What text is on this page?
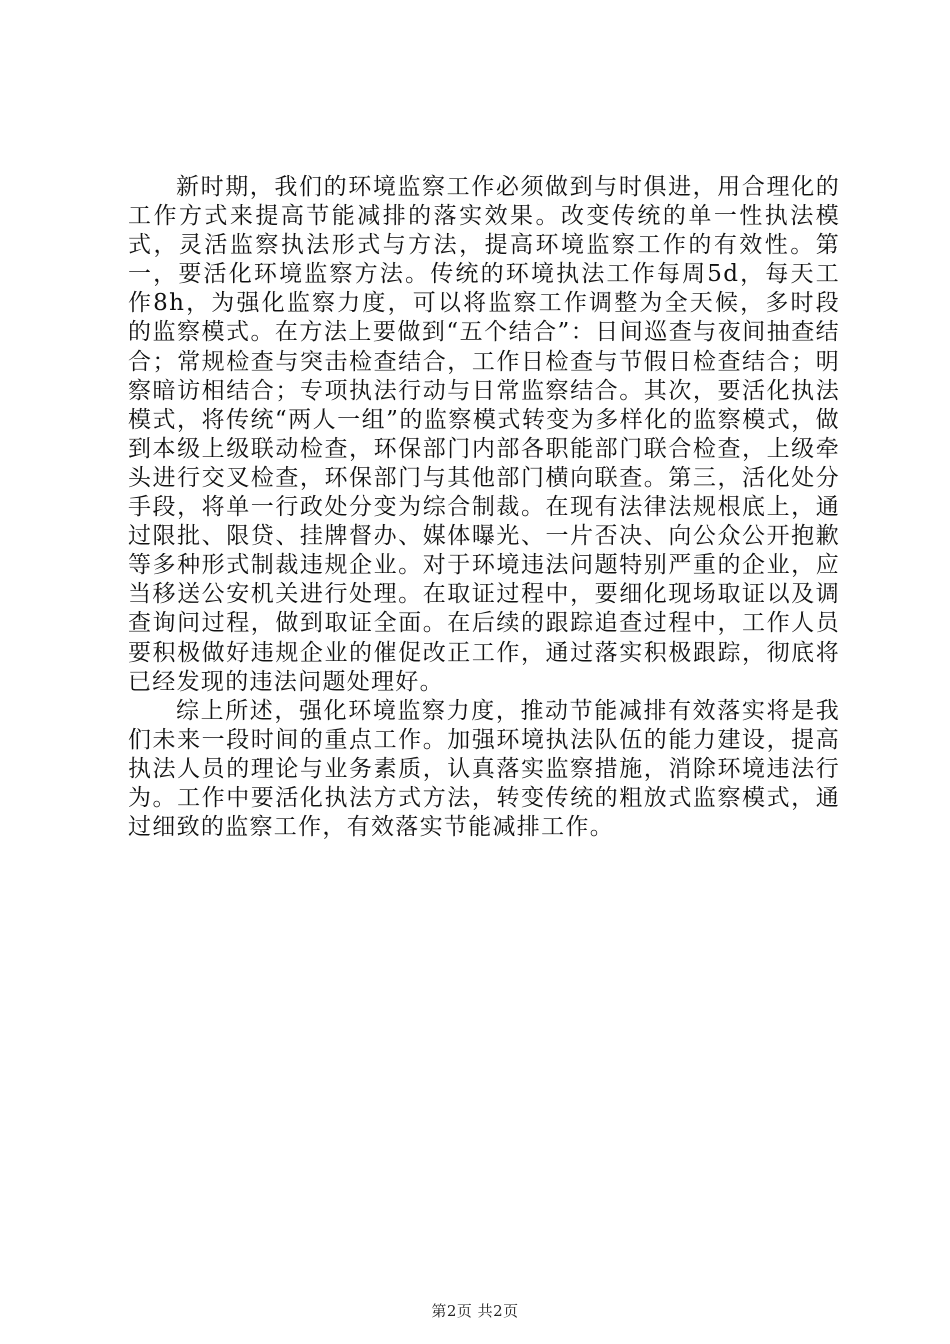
新时期，我们的环境监察工作必须做到与时俱进，用合理化的工作方式来提高节能减排的落实效果。改变传统的单一性执法模式，灵活监察执法形式与方法，提高环境监察工作的有效性。第一，要活化环境监察方法。传统的环境执法工作每周5d，每天工作8h，为强化监察力度，可以将监察工作调整为全天候，多时段的监察模式。在方法上要做到“五个结合”：日间巡查与夜间抽查结合；常规检查与突击检查结合，工作日检查与节假日检查结合；明察暗访相结合；专项执法行动与日常监察结合。其次，要活化执法模式，将传统“两人一组”的监察模式转变为多样化的监察模式，做到本级上级联动检查，环保部门内部各职能部门联合检查，上级牵头进行交叉检查，环保部门与其他部门横向联查。第三，活化处分手段，将单一行政处分变为综合制裁。在现有法律法规根底上，通过限批、限贷、挂牌督办、媒体曝光、一片否决、向公众公开抱歉等多种形式制裁违规企业。对于环境违法问题特别严重的企业，应当移送公安机关进行处理。在取证过程中，要细化现场取证以及调查询问过程，做到取证全面。在后续的跟踪追查过程中，工作人员要积极做好违规企业的催促改正工作，通过落实积极跟踪，彻底将已经发现的违法问题处理好。

综上所述，强化环境监察力度，推动节能减排有效落实将是我们未来一段时间的重点工作。加强环境执法队伍的能力建设，提高执法人员的理论与业务素质，认真落实监察措施，消除环境违法行为。工作中要活化执法方式方法，转变传统的粗放式监察模式，通过细致的监察工作，有效落实节能减排工作。

第2页 共2页
